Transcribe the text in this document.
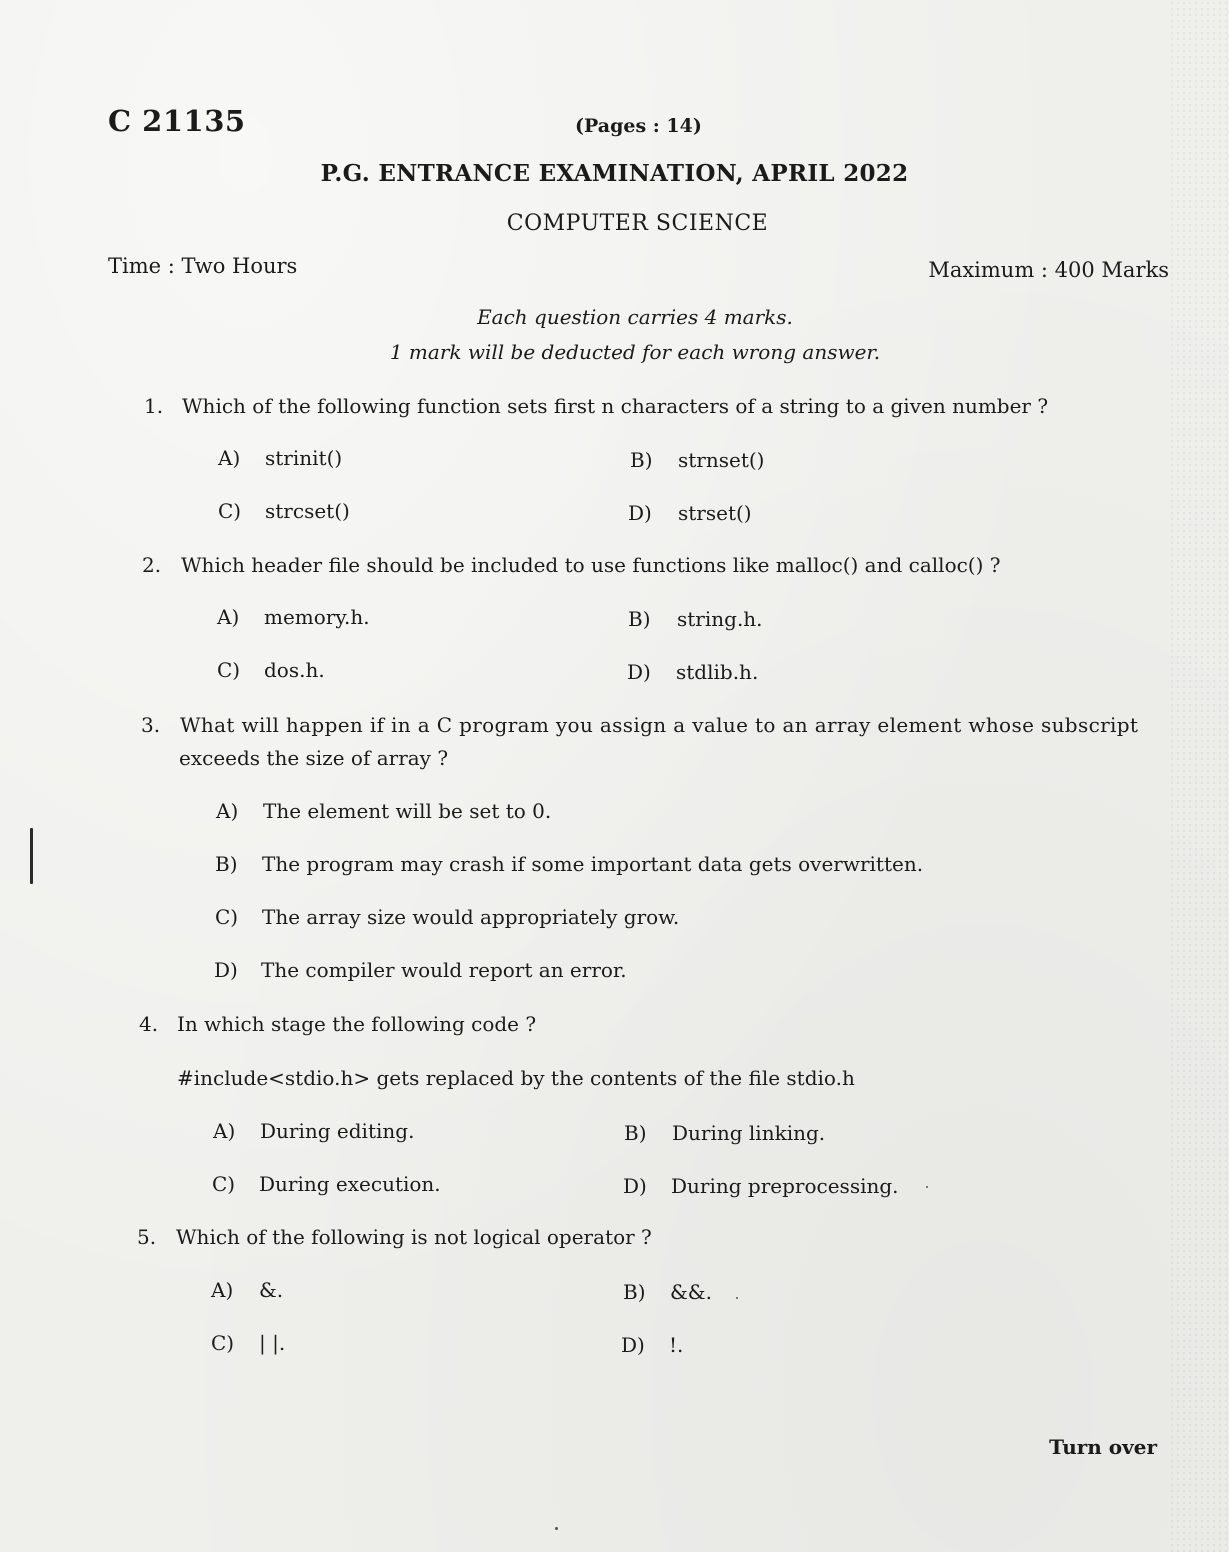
C 21135	(Pages : 14)
P.G. ENTRANCE EXAMINATION, APRIL 2022
COMPUTER SCIENCE
Time : Two Hours	Maximum : 400 Marks
Each question carries 4 marks.
1 mark will be deducted for each wrong answer.
1. Which of the following function sets first n characters of a string to a given number ?
A) strinit()	B) strnset()
C) strcset()	D) strset()
2. Which header file should be included to use functions like malloc() and calloc() ?
A) memory.h.	B) string.h.
C) dos.h.	D) stdlib.h.
3. What will happen if in a C program you assign a value to an array element whose subscript
exceeds the size of array ?
A) The element will be set to 0.
B) The program may crash if some important data gets overwritten.
C) The array size would appropriately grow.
D) The compiler would report an error.
4. In which stage the following code ?
#include<stdio.h> gets replaced by the contents of the file stdio.h
A) During editing.	B) During linking.
C) During execution.	D) During preprocessing.
5. Which of the following is not logical operator ?
A) &.	B) &&.
C) | |.	D) !.
Turn over
